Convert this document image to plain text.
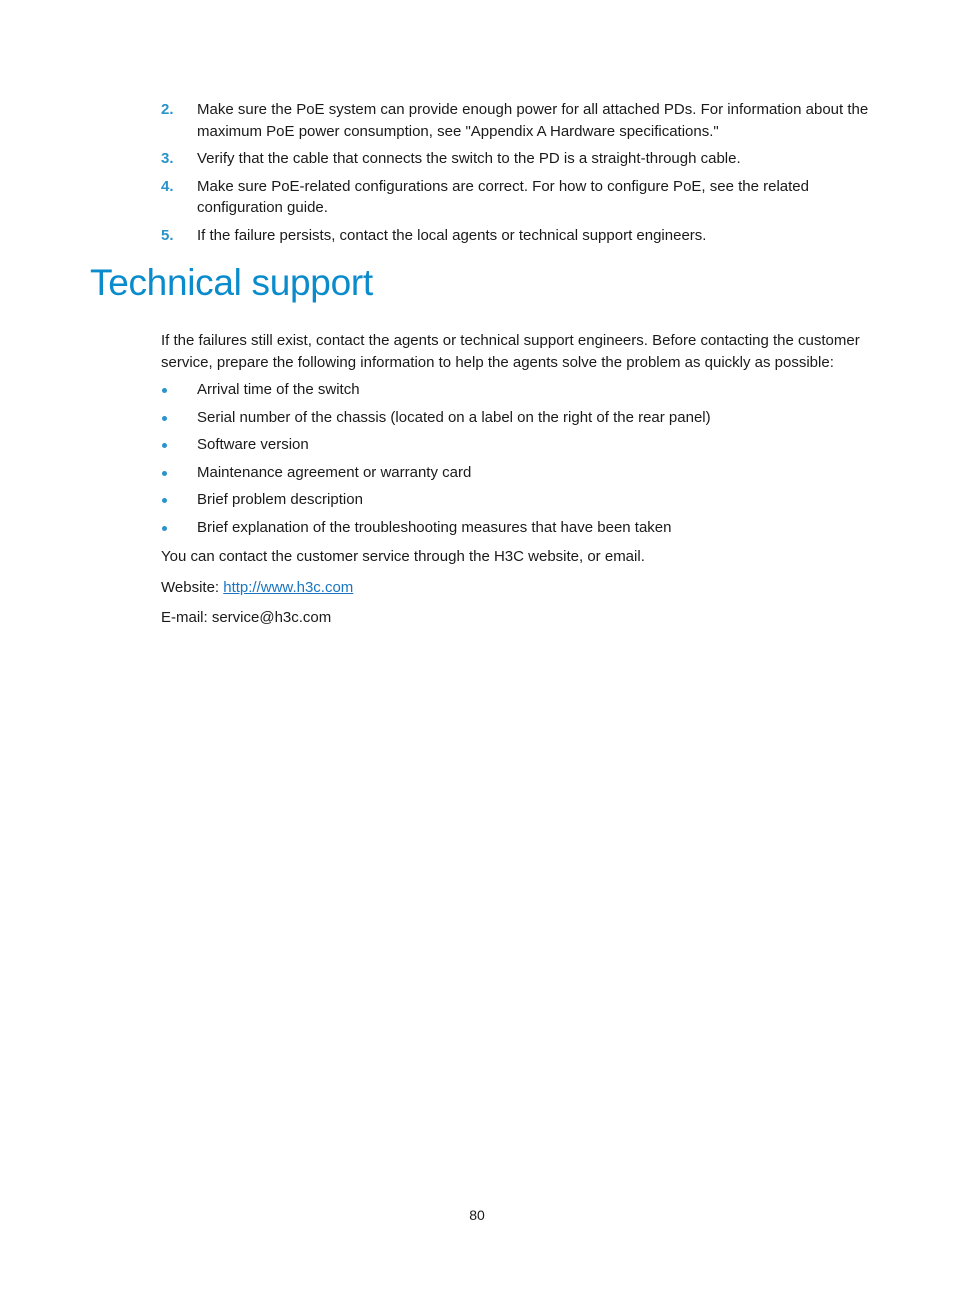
2. Make sure the PoE system can provide enough power for all attached PDs. For information about the maximum PoE power consumption, see "Appendix A Hardware specifications."
3. Verify that the cable that connects the switch to the PD is a straight-through cable.
4. Make sure PoE-related configurations are correct. For how to configure PoE, see the related configuration guide.
5. If the failure persists, contact the local agents or technical support engineers.
Technical support

If the failures still exist, contact the agents or technical support engineers. Before contacting the customer service, prepare the following information to help the agents solve the problem as quickly as possible:

Arrival time of the switch
Serial number of the chassis (located on a label on the right of the rear panel)
Software version
Maintenance agreement or warranty card
Brief problem description
Brief explanation of the troubleshooting measures that have been taken

You can contact the customer service through the H3C website, or email.

Website: http://www.h3c.com

E-mail: service@h3c.com

80
